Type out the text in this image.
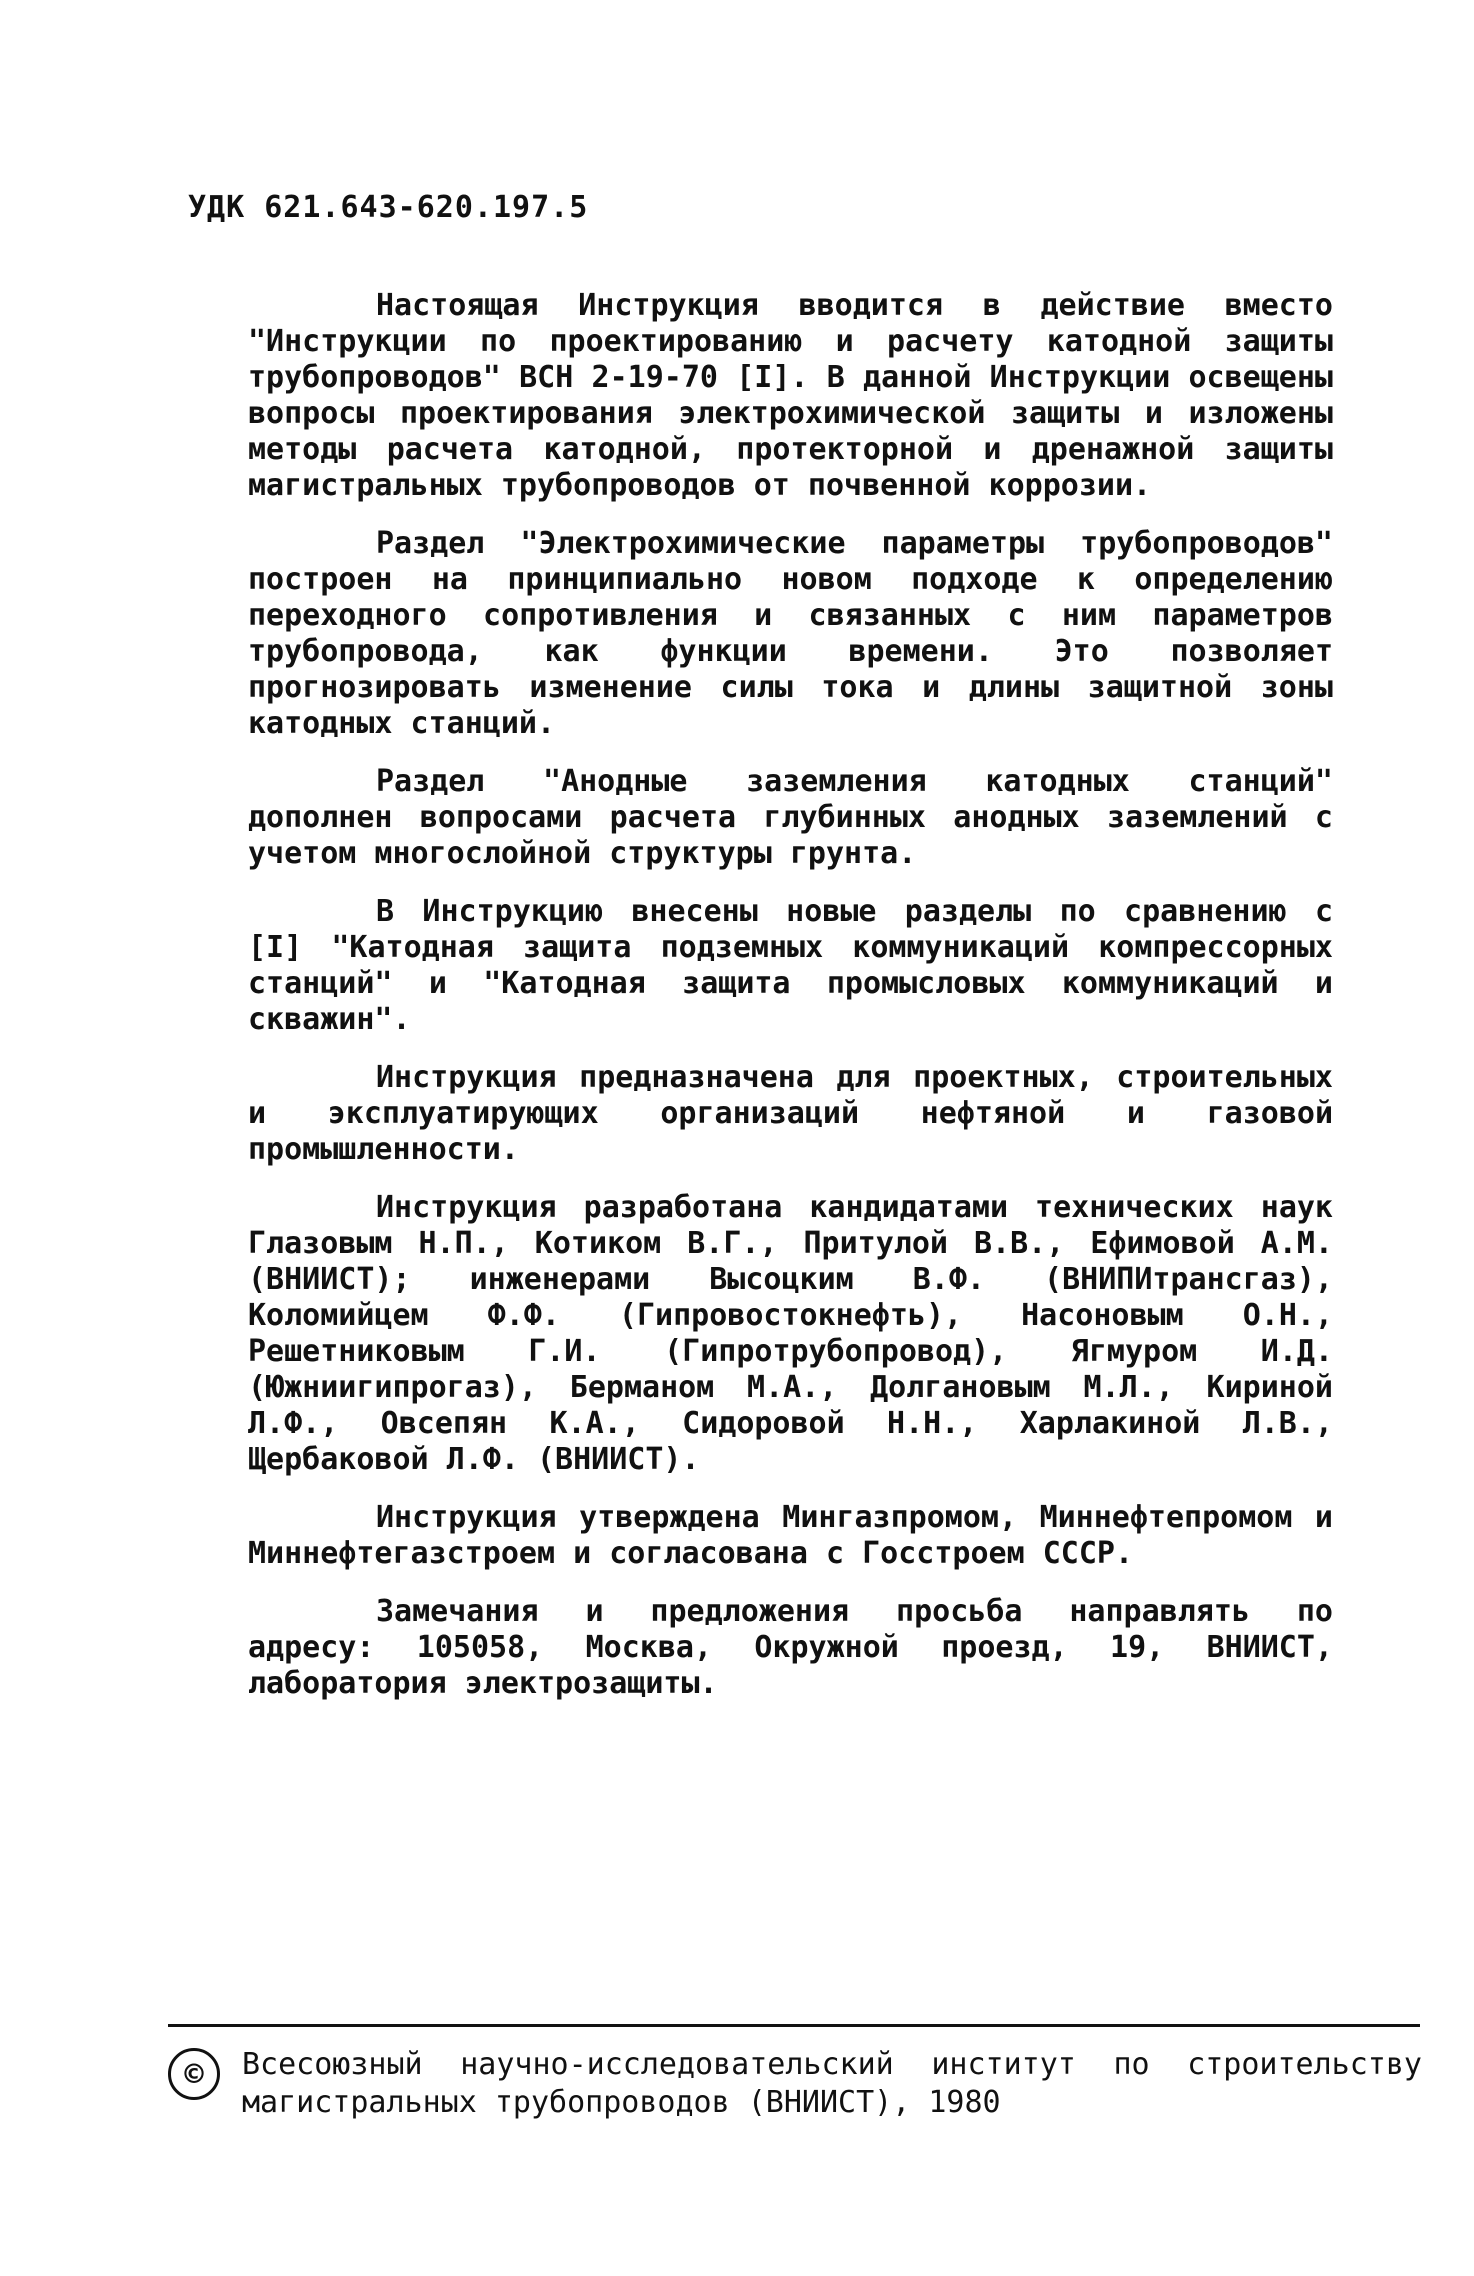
УДК 621.643-620.197.5

Настоящая Инструкция вводится в действие вместо "Инструкции по проектированию и расчету катодной защиты трубопроводов" ВСН 2-19-70 [I]. В данной Инструкции освещены вопросы проектирования электрохимической защиты и изложены методы расчета катодной, протекторной и дренажной защиты магистральных трубопроводов от почвенной коррозии.

Раздел "Электрохимические параметры трубопроводов" построен на принципиально новом подходе к определению переходного сопротивления и связанных с ним параметров трубопровода, как функции времени. Это позволяет прогнозировать изменение силы тока и длины защитной зоны катодных станций.

Раздел "Анодные заземления катодных станций" дополнен вопросами расчета глубинных анодных заземлений с учетом многослойной структуры грунта.

В Инструкцию внесены новые разделы по сравнению с [I] "Катодная защита подземных коммуникаций компрессорных станций" и "Катодная защита промысловых коммуникаций и скважин".

Инструкция предназначена для проектных, строительных и эксплуатирующих организаций нефтяной и газовой промышленности.

Инструкция разработана кандидатами технических наук Глазовым Н.П., Котиком В.Г., Притулой В.В., Ефимовой А.М. (ВНИИСТ); инженерами Высоцким В.Ф. (ВНИПИтрансгаз), Коломийцем Ф.Ф. (Гипровостокнефть), Насоновым О.Н., Решетниковым Г.И. (Гипротрубопровод), Ягмуром И.Д. (Южниигипрогаз), Берманом М.А., Долгановым М.Л., Кириной Л.Ф., Овсепян К.А., Сидоровой Н.Н., Харлакиной Л.В., Щербаковой Л.Ф. (ВНИИСТ).

Инструкция утверждена Мингазпромом, Миннефтепромом и Миннефтегазстроем и согласована с Госстроем СССР.

Замечания и предложения просьба направлять по адресу: 105058, Москва, Окружной проезд, 19, ВНИИСТ, лаборатория электрозащиты.

©	Всесоюзный научно-исследовательский институт по строительству магистральных трубопроводов (ВНИИСТ), 1980
